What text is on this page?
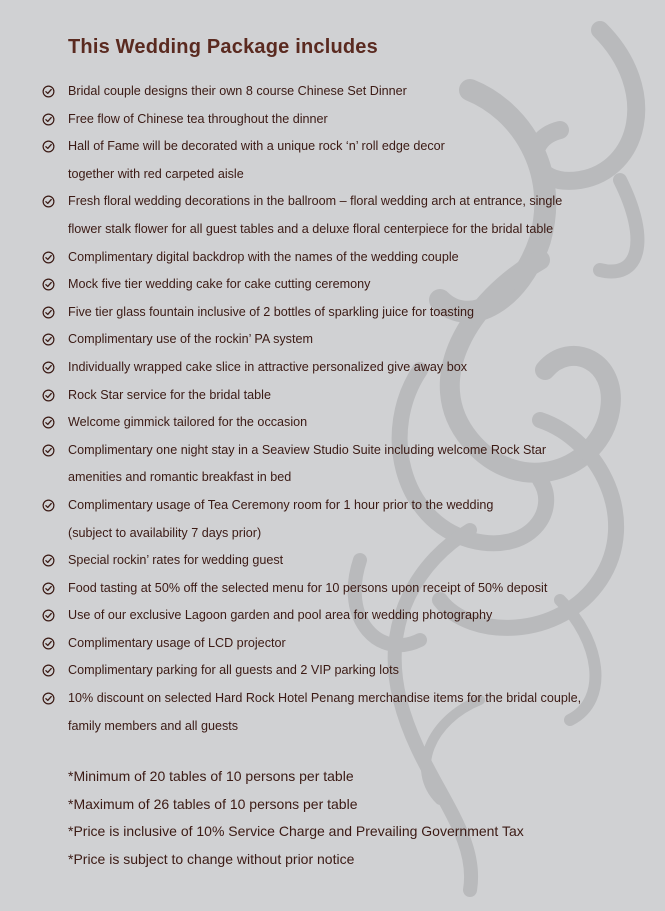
This Wedding Package includes
Bridal couple designs their own 8 course Chinese Set Dinner
Free flow of Chinese tea throughout the dinner
Hall of Fame will be decorated with a unique rock ‘n’ roll edge decor
together with red carpeted aisle
Fresh floral wedding decorations in the ballroom – floral wedding arch at entrance, single
flower stalk flower for all guest tables and a deluxe floral centerpiece for the bridal table
Complimentary digital backdrop with the names of the wedding couple
Mock five tier wedding cake for cake cutting ceremony
Five tier glass fountain inclusive of 2 bottles of sparkling juice for toasting
Complimentary use of the rockin’ PA system
Individually wrapped cake slice in attractive personalized give away box
Rock Star service for the bridal table
Welcome gimmick tailored for the occasion
Complimentary one night stay in a Seaview Studio Suite including welcome Rock Star
amenities and romantic breakfast in bed
Complimentary usage of Tea Ceremony room for 1 hour prior to the wedding
(subject to availability 7 days prior)
Special rockin’ rates for wedding guest
Food tasting at 50% off the selected menu for 10 persons upon receipt of 50% deposit
Use of our exclusive Lagoon garden and pool area for wedding photography
Complimentary usage of LCD projector
Complimentary parking for all guests and 2 VIP parking lots
10% discount on selected Hard Rock Hotel Penang merchandise items for the bridal couple,
family members and all guests
*Minimum of 20 tables of 10 persons per table
*Maximum of 26 tables of 10 persons per table
*Price is inclusive of 10% Service Charge and Prevailing Government Tax
*Price is subject to change without prior notice
